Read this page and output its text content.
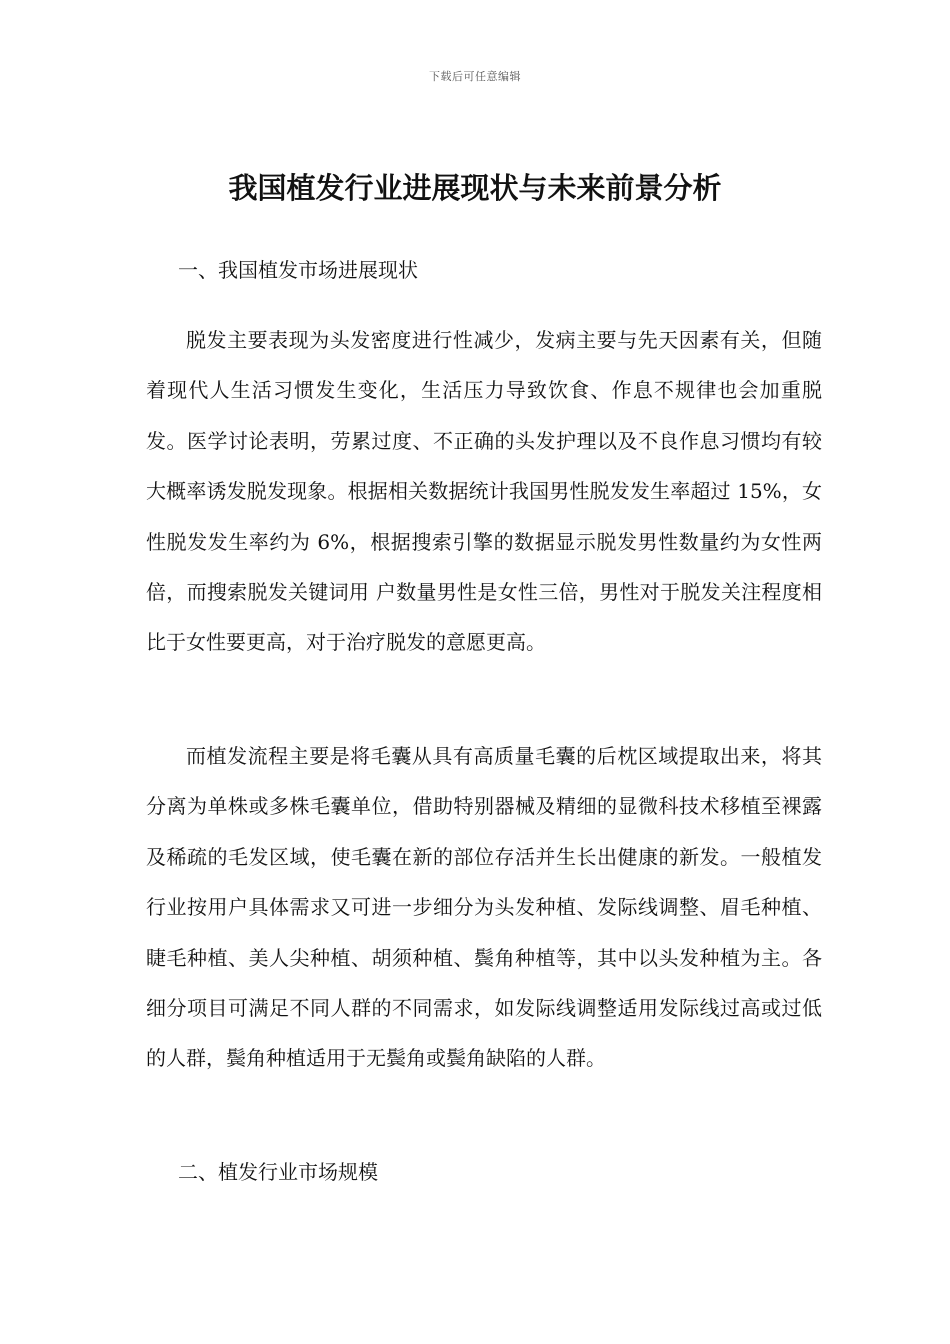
下载后可任意编辑
我国植发行业进展现状与未来前景分析
一、我国植发市场进展现状

脱发主要表现为头发密度进行性减少，发病主要与先天因素有关，但随着现代人生活习惯发生变化，生活压力导致饮食、作息不规律也会加重脱发。医学讨论表明，劳累过度、不正确的头发护理以及不良作息习惯均有较大概率诱发脱发现象。根据相关数据统计我国男性脱发发生率超过 15%，女性脱发发生率约为 6%，根据搜索引擎的数据显示脱发男性数量约为女性两倍，而搜索脱发关键词用 户数量男性是女性三倍，男性对于脱发关注程度相比于女性要更高，对于治疗脱发的意愿更高。

而植发流程主要是将毛囊从具有高质量毛囊的后枕区域提取出来，将其分离为单株或多株毛囊单位，借助特别器械及精细的显微科技术移植至裸露及稀疏的毛发区域，使毛囊在新的部位存活并生长出健康的新发。一般植发行业按用户具体需求又可进一步细分为头发种植、发际线调整、眉毛种植、睫毛种植、美人尖种植、胡须种植、鬓角种植等，其中以头发种植为主。各细分项目可满足不同人群的不同需求，如发际线调整适用发际线过高或过低的人群，鬓角种植适用于无鬓角或鬓角缺陷的人群。

二、植发行业市场规模
